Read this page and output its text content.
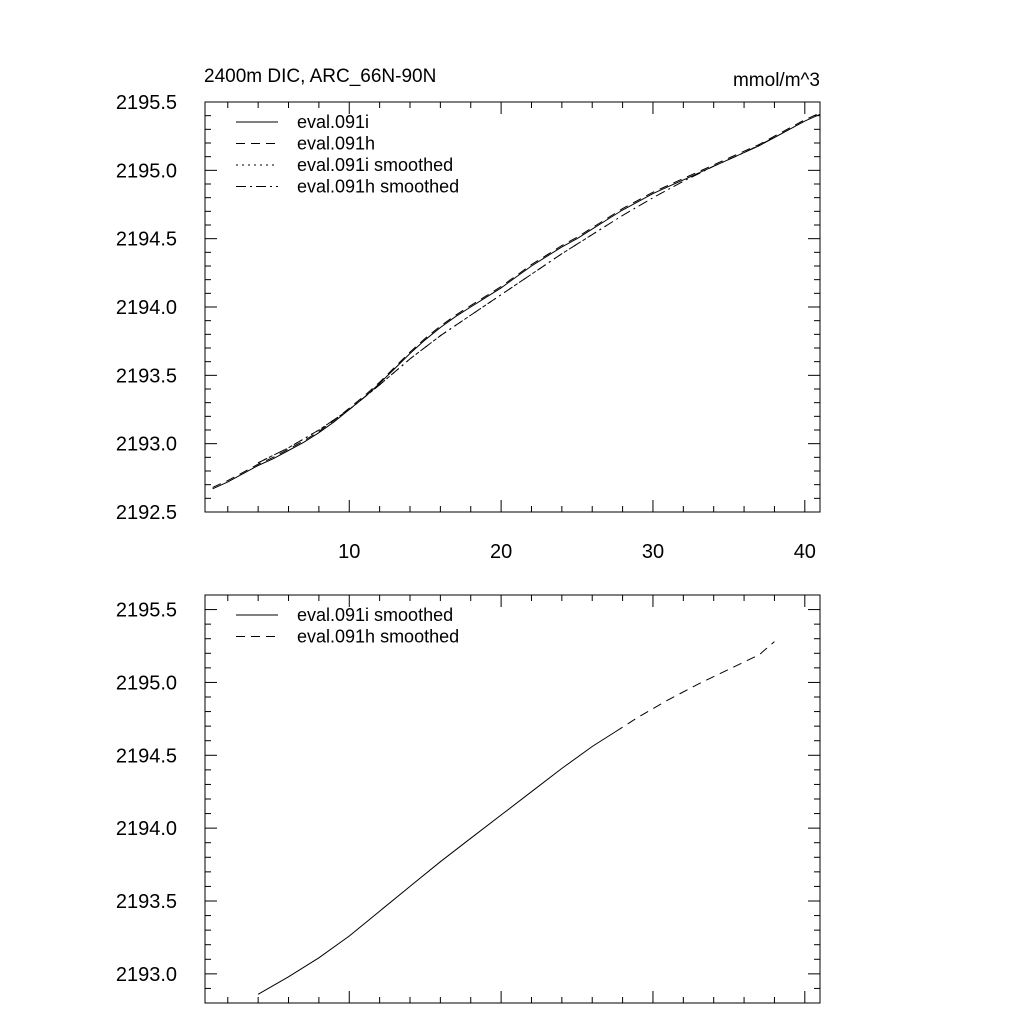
2400m DIC, ARC_66N-90N	mmol/m^3
2192.5
2193.0
2193.5
2194.0
2194.5
2195.0
2195.5
10	20	30	40
eval.091i
eval.091h
eval.091i smoothed
eval.091h smoothed
2193.0
2193.5
2194.0
2194.5
2195.0
2195.5	eval.091i smoothed
eval.091h smoothed
